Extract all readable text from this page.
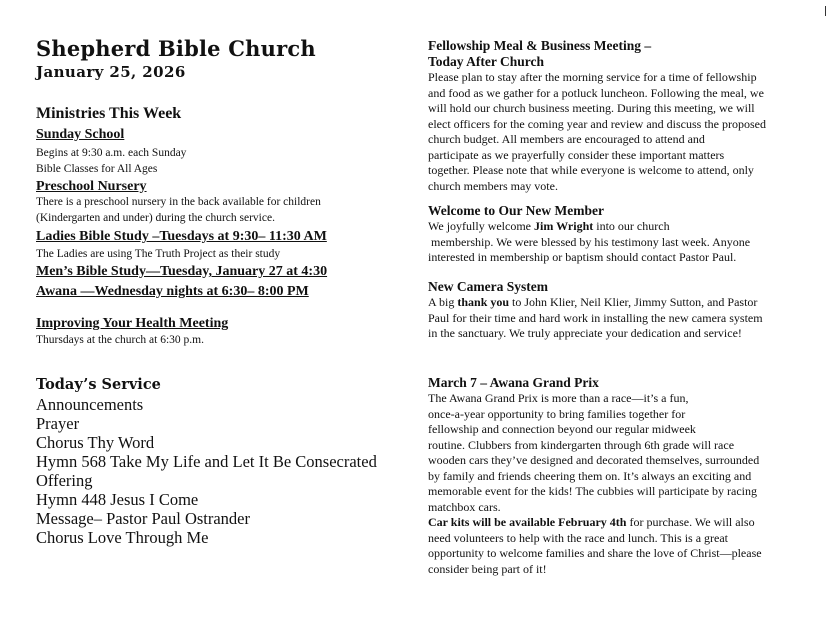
Shepherd Bible Church
January 25, 2026
Ministries This Week
Sunday School
Begins at 9:30 a.m. each Sunday
Bible Classes for All Ages
Preschool Nursery
There is a preschool nursery in the back available for children
(Kindergarten and under) during the church service.
Ladies Bible Study –Tuesdays at 9:30– 11:30 AM
The Ladies are using The Truth Project as their study
Men’s Bible Study—Tuesday, January 27 at 4:30
Awana —Wednesday nights at 6:30– 8:00 PM
Improving Your Health Meeting
Thursdays at the church at 6:30 p.m.
Today’s Service
Announcements
Prayer
Chorus Thy Word
Hymn 568 Take My Life and Let It Be Consecrated
Offering
Hymn 448 Jesus I Come
Message– Pastor Paul Ostrander
Chorus Love Through Me
Fellowship Meal & Business Meeting –
Today After Church
Please plan to stay after the morning service for a time of fellowship
and food as we gather for a potluck luncheon. Following the meal, we
will hold our church business meeting. During this meeting, we will
elect officers for the coming year and review and discuss the proposed
church budget. All members are encouraged to attend and
participate as we prayerfully consider these important matters
together. Please note that while everyone is welcome to attend, only
church members may vote.
Welcome to Our New Member
We joyfully welcome Jim Wright into our church
membership. We were blessed by his testimony last week. Anyone
interested in membership or baptism should contact Pastor Paul.
New Camera System
A big thank you to John Klier, Neil Klier, Jimmy Sutton, and Pastor
Paul for their time and hard work in installing the new camera system
in the sanctuary. We truly appreciate your dedication and service!
March 7 – Awana Grand Prix
The Awana Grand Prix is more than a race—it’s a fun,
once-a-year opportunity to bring families together for
fellowship and connection beyond our regular midweek
routine. Clubbers from kindergarten through 6th grade will race
wooden cars they’ve designed and decorated themselves, surrounded
by family and friends cheering them on. It’s always an exciting and
memorable event for the kids! The cubbies will participate by racing
matchbox cars.
Car kits will be available February 4th for purchase. We will also
need volunteers to help with the race and lunch. This is a great
opportunity to welcome families and share the love of Christ—please
consider being part of it!
